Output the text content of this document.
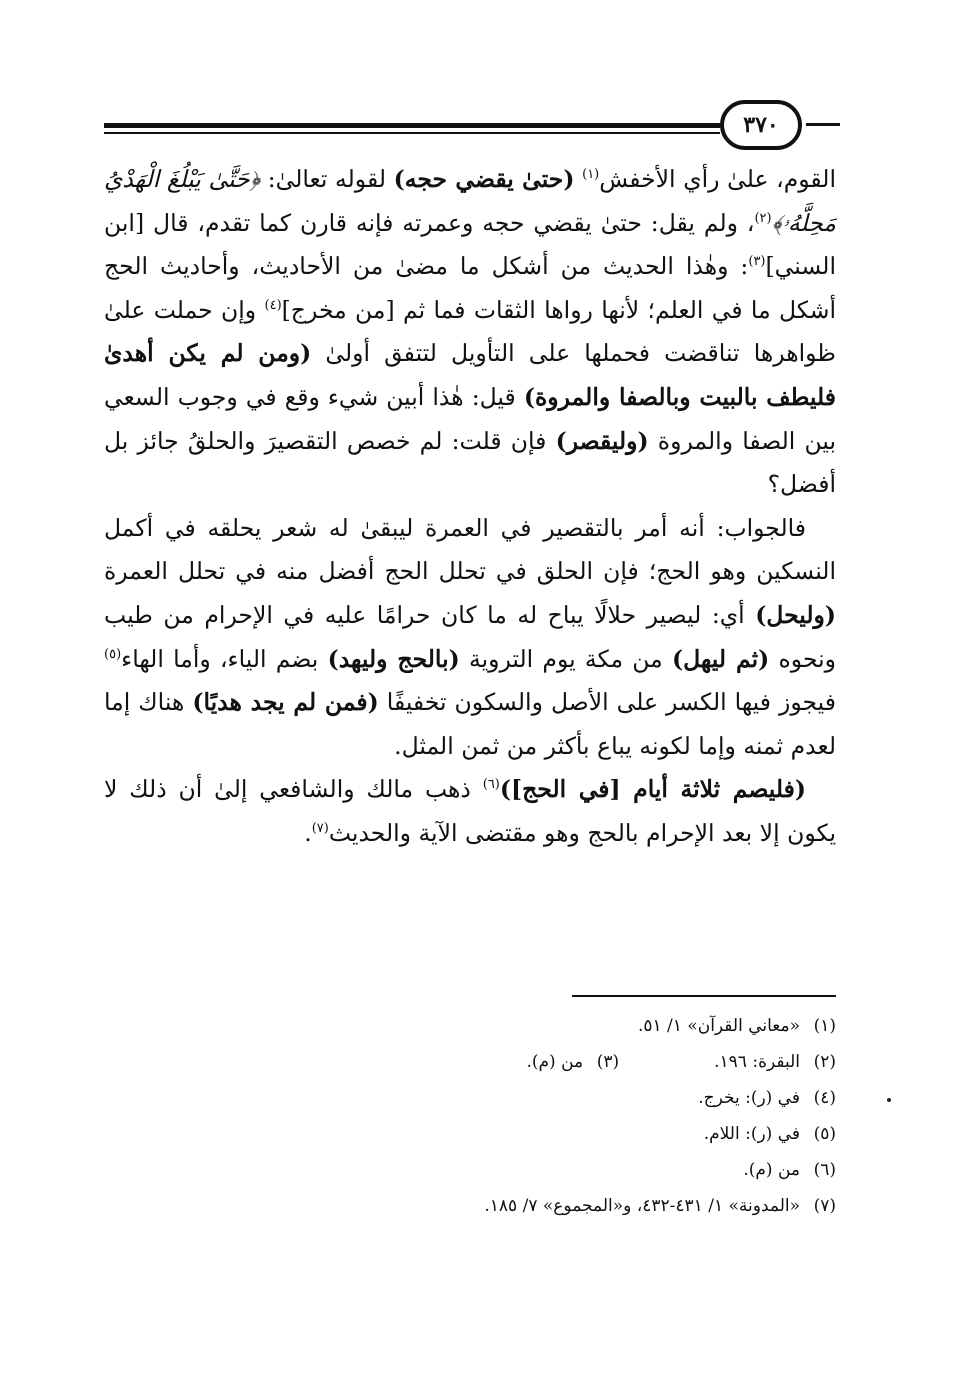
٣٧٠

القوم، علىٰ رأي الأخفش$^{(١)}$ (حتىٰ يقضي حجه) لقوله تعالىٰ: ﴿حَتَّىٰ يَبْلُغَ الْهَدْيُ مَحِلَّهُۥ﴾$^{(٢)}$، ولم يقل: حتىٰ يقضي حجه وعمرته فإنه قارن كما تقدم، قال [ابن السني]$^{(٣)}$: وهٰذا الحديث من أشكل ما مضىٰ من الأحاديث، وأحاديث الحج أشكل ما في العلم؛ لأنها رواها الثقات فما ثم [من مخرج]$^{(٤)}$ وإن حملت علىٰ ظواهرها تناقضت فحملها على التأويل لتتفق أولىٰ (ومن لم يكن أهدىٰ فليطف بالبيت وبالصفا والمروة) قيل: هٰذا أبين شيء وقع في وجوب السعي بين الصفا والمروة (وليقصر) فإن قلت: لم خصص التقصيرَ والحلقُ جائز بل أفضل؟

فالجواب: أنه أمر بالتقصير في العمرة ليبقىٰ له شعر يحلقه في أكمل النسكين وهو الحج؛ فإن الحلق في تحلل الحج أفضل منه في تحلل العمرة (وليحل) أي: ليصير حلالًا يباح له ما كان حرامًا عليه في الإحرام من طيب ونحوه (ثم ليهل) من مكة يوم التروية (بالحج وليهد) بضم الياء، وأما الهاء$^{(٥)}$ فيجوز فيها الكسر على الأصل والسكون تخفيفًا (فمن لم يجد هديًا) هناك إما لعدم ثمنه وإما لكونه يباع بأكثر من ثمن المثل.

(فليصم ثلاثة أيام [في الحج])$^{(٦)}$ ذهب مالك والشافعي إلىٰ أن ذلك لا يكون إلا بعد الإحرام بالحج وهو مقتضى الآية والحديث$^{(٧)}$.

(١)«معاني القرآن» ١/ ٥١.
(٢)البقرة: ١٩٦.
(٣)من (م).
(٤)في (ر): يخرج.
(٥)في (ر): اللام.
(٦)من (م).
(٧)«المدونة» ١/ ٤٣١-٤٣٢، و«المجموع» ٧/ ١٨٥.
